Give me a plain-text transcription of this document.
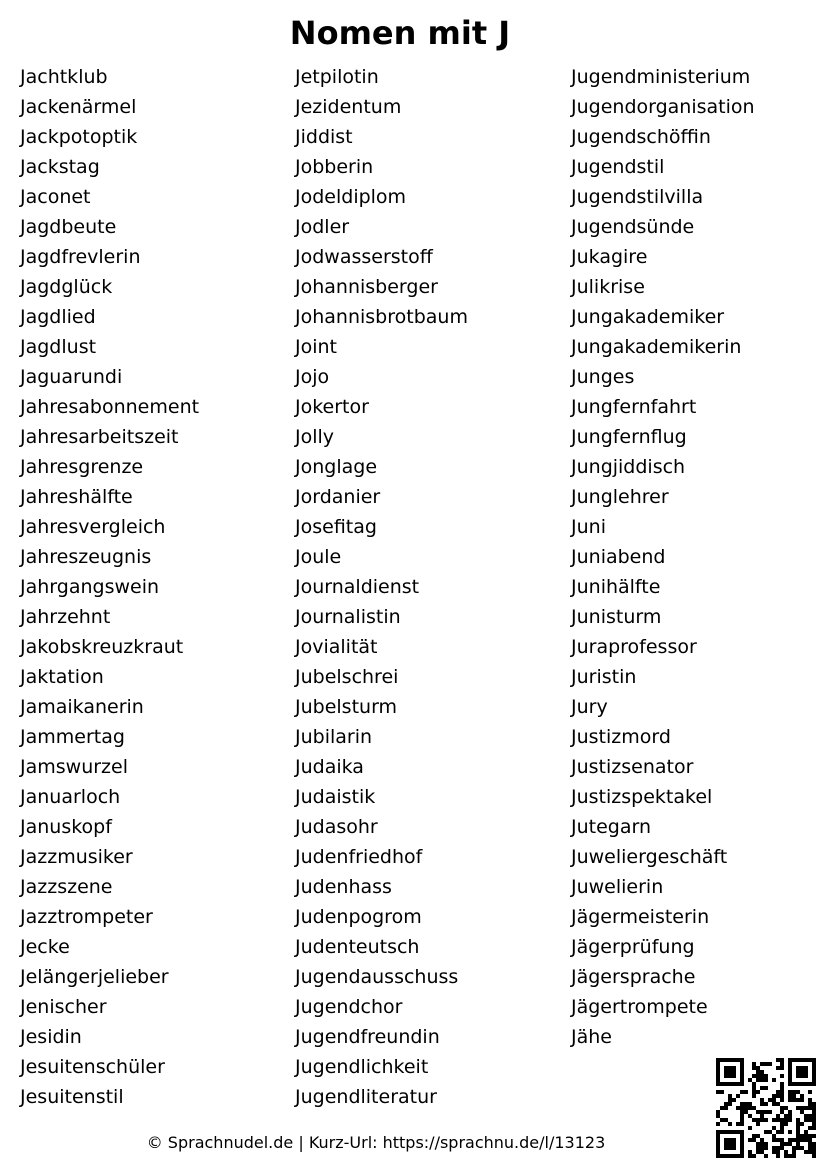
Nomen mit J
Jachtklub
Jackenärmel
Jackpotoptik
Jackstag
Jaconet
Jagdbeute
Jagdfrevlerin
Jagdglück
Jagdlied
Jagdlust
Jaguarundi
Jahresabonnement
Jahresarbeitszeit
Jahresgrenze
Jahreshälfte
Jahresvergleich
Jahreszeugnis
Jahrgangswein
Jahrzehnt
Jakobskreuzkraut
Jaktation
Jamaikanerin
Jammertag
Jamswurzel
Januarloch
Januskopf
Jazzmusiker
Jazzszene
Jazztrompeter
Jecke
Jelängerjelieber
Jenischer
Jesidin
Jesuitenschüler
Jesuitenstil
Jetpilotin
Jezidentum
Jiddist
Jobberin
Jodeldiplom
Jodler
Jodwasserstoff
Johannisberger
Johannisbrotbaum
Joint
Jojo
Jokertor
Jolly
Jonglage
Jordanier
Josefitag
Joule
Journaldienst
Journalistin
Jovialität
Jubelschrei
Jubelsturm
Jubilarin
Judaika
Judaistik
Judasohr
Judenfriedhof
Judenhass
Judenpogrom
Judenteutsch
Jugendausschuss
Jugendchor
Jugendfreundin
Jugendlichkeit
Jugendliteratur
Jugendministerium
Jugendorganisation
Jugendschöffin
Jugendstil
Jugendstilvilla
Jugendsünde
Jukagire
Julikrise
Jungakademiker
Jungakademikerin
Junges
Jungfernfahrt
Jungfernflug
Jungjiddisch
Junglehrer
Juni
Juniabend
Junihälfte
Junisturm
Juraprofessor
Juristin
Jury
Justizmord
Justizsenator
Justizspektakel
Jutegarn
Juweliergeschäft
Juwelierin
Jägermeisterin
Jägerprüfung
Jägersprache
Jägertrompete
Jähe
© Sprachnudel.de | Kurz-Url: https://sprachnu.de/l/13123
